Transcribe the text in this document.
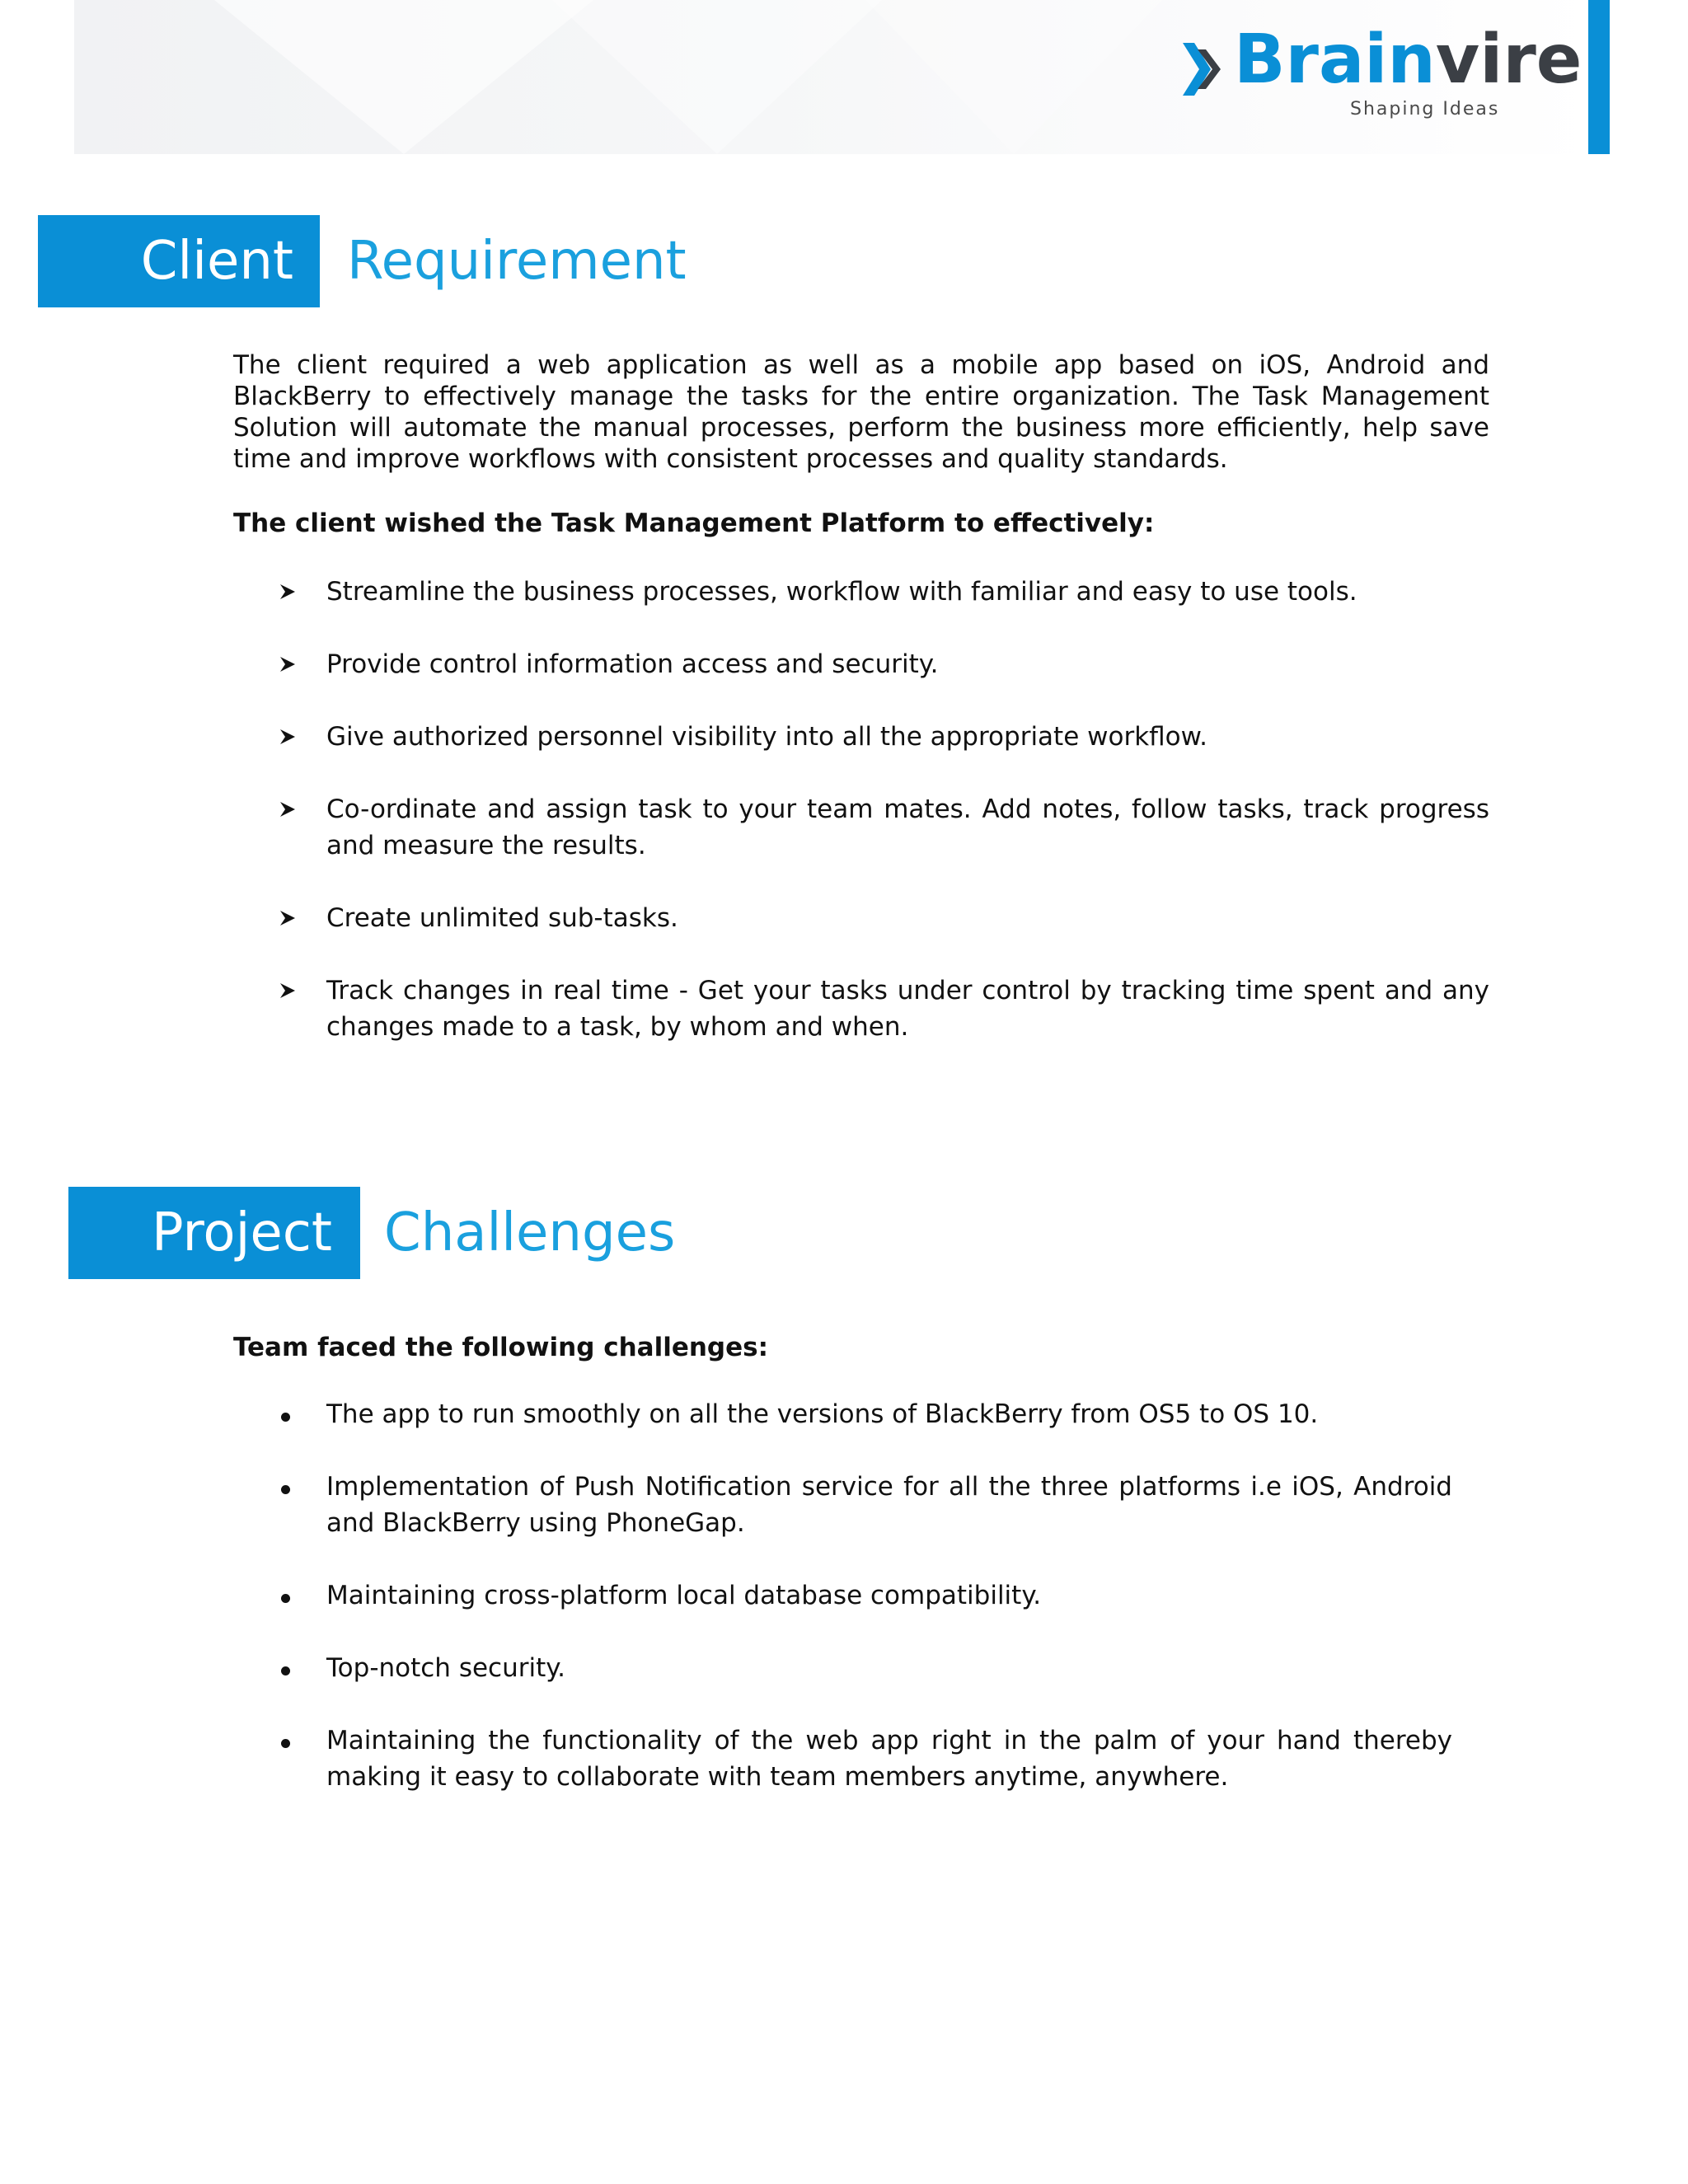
Brainvire
Shaping Ideas
Client	Requirement

The client required a web application as well as a mobile app based on iOS, Android and BlackBerry to effectively manage the tasks for the entire organization. The Task Management Solution will automate the manual processes, perform the business more efficiently, help save time and improve workflows with consistent processes and quality standards.

The client wished the Task Management Platform to effectively:

Streamline the business processes, workflow with familiar and easy to use tools.
Provide control information access and security.
Give authorized personnel visibility into all the appropriate workflow.
Co-ordinate and assign task to your team mates. Add notes, follow tasks, track progress and measure the results.
Create unlimited sub-tasks.
Track changes in real time - Get your tasks under control by tracking time spent and any changes made to a task, by whom and when.
Project Challenges

Team faced the following challenges:

The app to run smoothly on all the versions of BlackBerry from OS5 to OS 10.
Implementation of Push Notification service for all the three platforms i.e iOS, Android and BlackBerry using PhoneGap.
Maintaining cross-platform local database compatibility.
Top-notch security.
Maintaining the functionality of the web app right in the palm of your hand thereby making it easy to collaborate with team members anytime, anywhere.
